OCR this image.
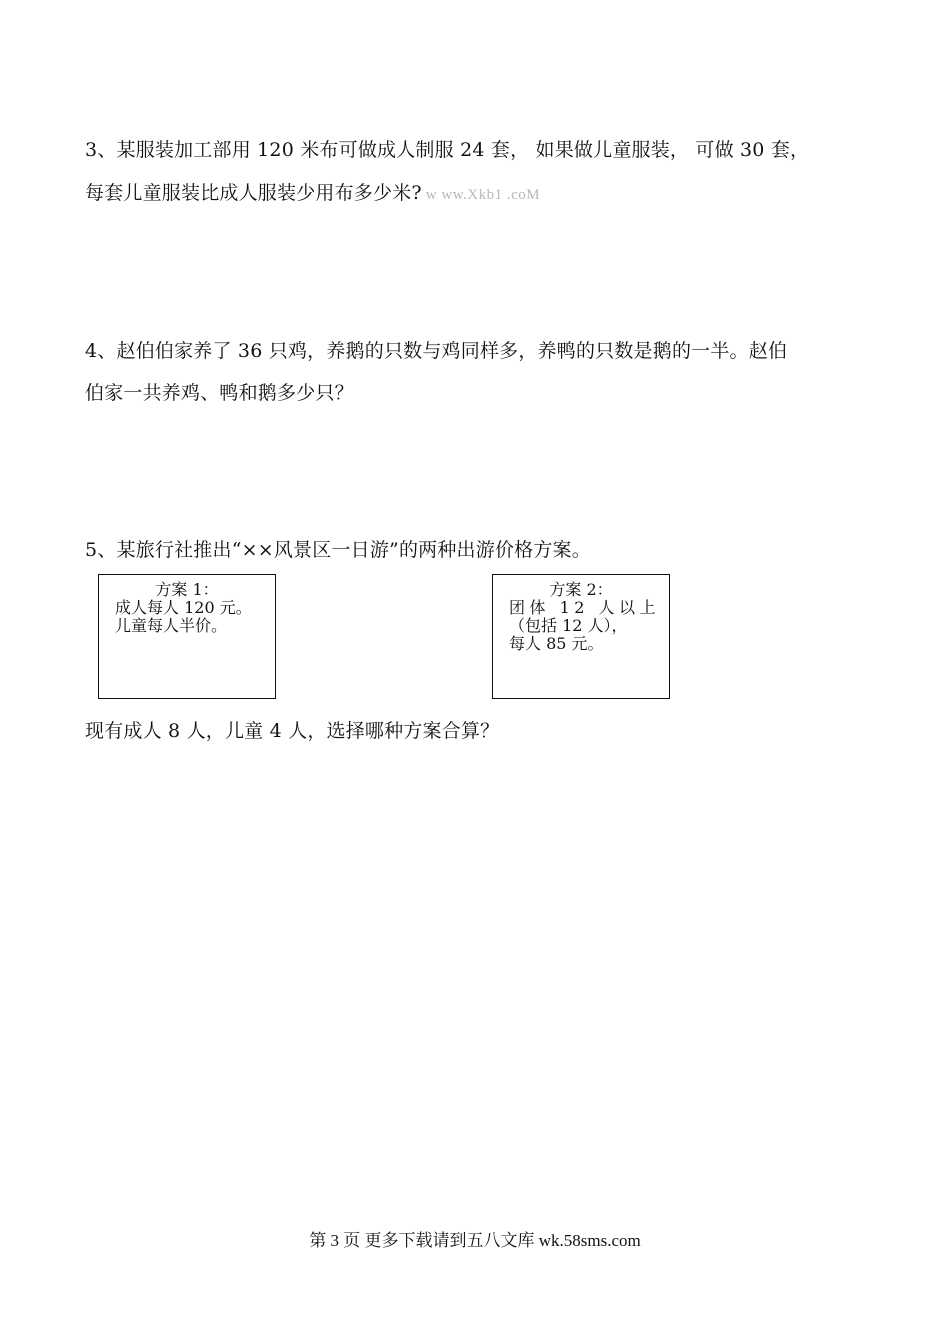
3、某服装加工部用 120 米布可做成人制服 24 套， 如果做儿童服装， 可做 30 套，
每套儿童服装比成人服装少用布多少米? w ww.Xkb1 .coM
4、赵伯伯家养了 36 只鸡，养鹅的只数与鸡同样多，养鸭的只数是鹅的一半。赵伯
伯家一共养鸡、鸭和鹅多少只？
5、某旅行社推出“××风景区一日游”的两种出游价格方案。
方案 1：
成人每人 120 元。
儿童每人半价。
方案 2：
团体 12 人以上
（包括 12 人），
每人 85 元。
现有成人 8 人，儿童 4 人，选择哪种方案合算？
第 3 页 更多下载请到五八文库 wk.58sms.com
